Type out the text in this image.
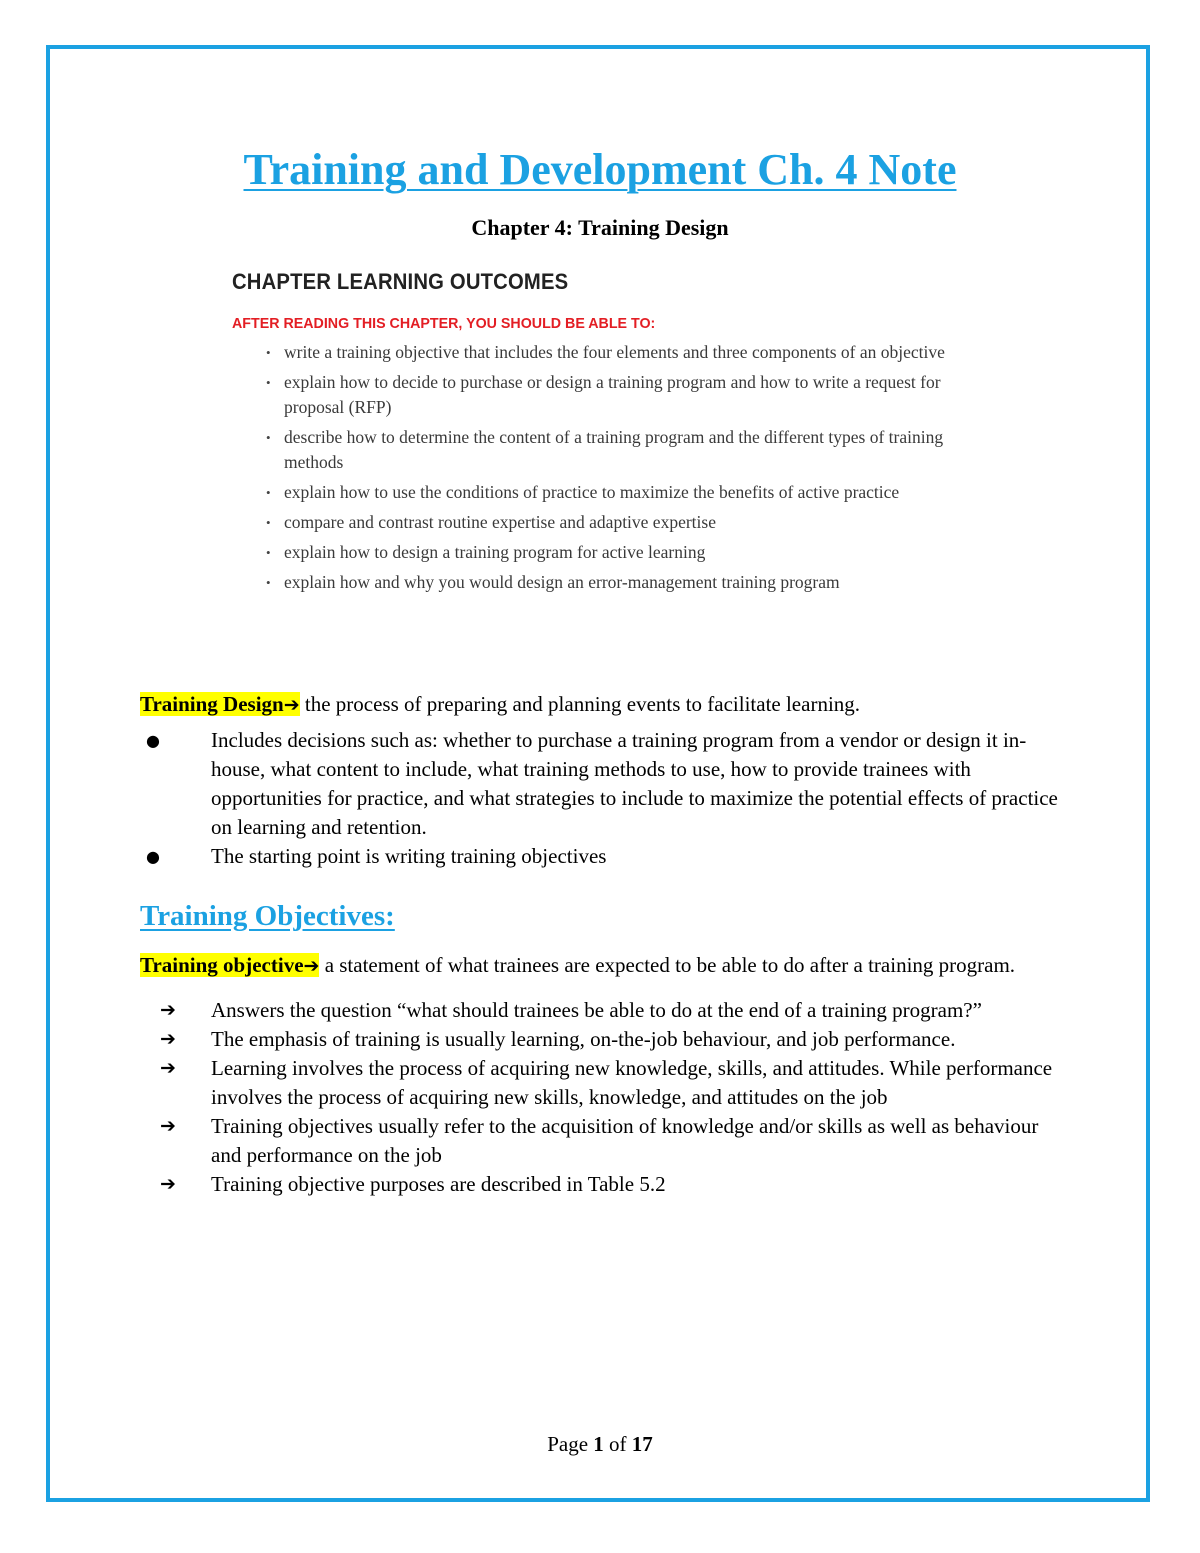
Training and Development Ch. 4 Note
Chapter 4: Training Design
CHAPTER LEARNING OUTCOMES
AFTER READING THIS CHAPTER, YOU SHOULD BE ABLE TO:
• write a training objective that includes the four elements and three components of an objective
• explain how to decide to purchase or design a training program and how to write a request for proposal (RFP)
• describe how to determine the content of a training program and the different types of training methods
• explain how to use the conditions of practice to maximize the benefits of active practice
• compare and contrast routine expertise and adaptive expertise
• explain how to design a training program for active learning
• explain how and why you would design an error-management training program

Training Design➔ the process of preparing and planning events to facilitate learning.

●	Includes decisions such as: whether to purchase a training program from a vendor or design it in-house, what content to include, what training methods to use, how to provide trainees with opportunities for practice, and what strategies to include to maximize the potential effects of practice on learning and retention.
●	The starting point is writing training objectives
Training Objectives:

Training objective➔ a statement of what trainees are expected to be able to do after a training program.

➔	Answers the question “what should trainees be able to do at the end of a training program?”
➔	The emphasis of training is usually learning, on-the-job behaviour, and job performance.
➔	Learning involves the process of acquiring new knowledge, skills, and attitudes. While performance involves the process of acquiring new skills, knowledge, and attitudes on the job
➔	Training objectives usually refer to the acquisition of knowledge and/or skills as well as behaviour and performance on the job
➔	Training objective purposes are described in Table 5.2
Page 1 of 17
